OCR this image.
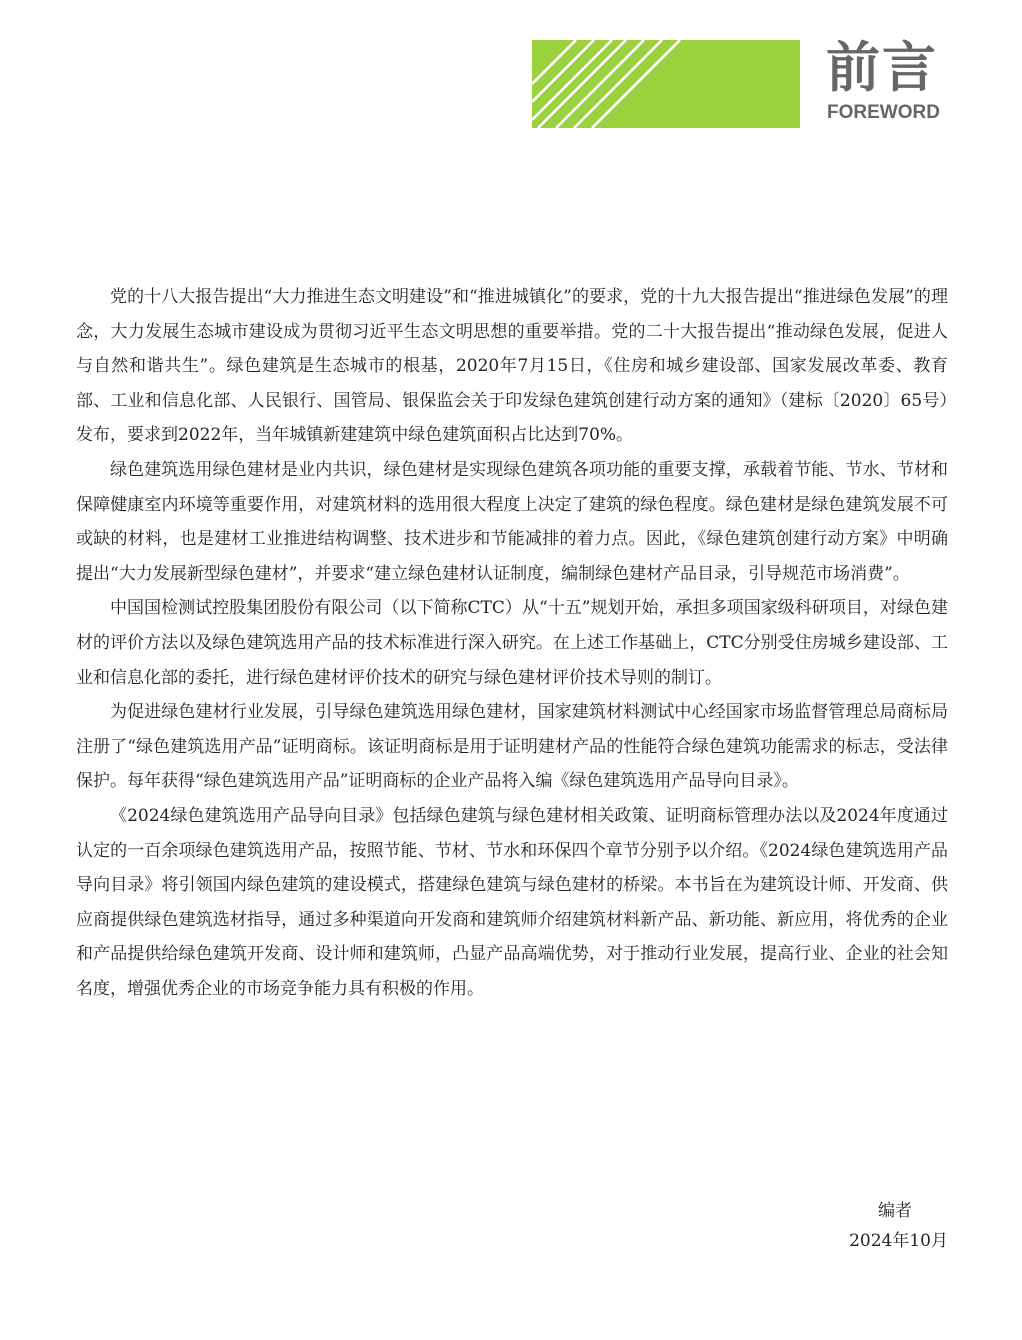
前言
FOREWORD

党的十八大报告提出“大力推进生态文明建设”和“推进城镇化”的要求，党的十九大报告提出“推进绿色发展”的理念，大力发展生态城市建设成为贯彻习近平生态文明思想的重要举措。党的二十大报告提出“推动绿色发展，促进人与自然和谐共生”。绿色建筑是生态城市的根基，2020年7月15日，《住房和城乡建设部、国家发展改革委、教育部、工业和信息化部、人民银行、国管局、银保监会关于印发绿色建筑创建行动方案的通知》（建标〔2020〕65号）发布，要求到2022年，当年城镇新建建筑中绿色建筑面积占比达到70%。

绿色建筑选用绿色建材是业内共识，绿色建材是实现绿色建筑各项功能的重要支撑，承载着节能、节水、节材和保障健康室内环境等重要作用，对建筑材料的选用很大程度上决定了建筑的绿色程度。绿色建材是绿色建筑发展不可或缺的材料，也是建材工业推进结构调整、技术进步和节能减排的着力点。因此，《绿色建筑创建行动方案》中明确提出“大力发展新型绿色建材”，并要求“建立绿色建材认证制度，编制绿色建材产品目录，引导规范市场消费”。

中国国检测试控股集团股份有限公司（以下简称CTC）从“十五”规划开始，承担多项国家级科研项目，对绿色建材的评价方法以及绿色建筑选用产品的技术标准进行深入研究。在上述工作基础上，CTC分别受住房城乡建设部、工业和信息化部的委托，进行绿色建材评价技术的研究与绿色建材评价技术导则的制订。

为促进绿色建材行业发展，引导绿色建筑选用绿色建材，国家建筑材料测试中心经国家市场监督管理总局商标局注册了“绿色建筑选用产品”证明商标。该证明商标是用于证明建材产品的性能符合绿色建筑功能需求的标志，受法律保护。每年获得“绿色建筑选用产品”证明商标的企业产品将入编《绿色建筑选用产品导向目录》。

《2024绿色建筑选用产品导向目录》包括绿色建筑与绿色建材相关政策、证明商标管理办法以及2024年度通过认定的一百余项绿色建筑选用产品，按照节能、节材、节水和环保四个章节分别予以介绍。《2024绿色建筑选用产品导向目录》将引领国内绿色建筑的建设模式，搭建绿色建筑与绿色建材的桥梁。本书旨在为建筑设计师、开发商、供应商提供绿色建筑选材指导，通过多种渠道向开发商和建筑师介绍建筑材料新产品、新功能、新应用，将优秀的企业和产品提供给绿色建筑开发商、设计师和建筑师，凸显产品高端优势，对于推动行业发展，提高行业、企业的社会知名度，增强优秀企业的市场竞争能力具有积极的作用。

编者
2024年10月
